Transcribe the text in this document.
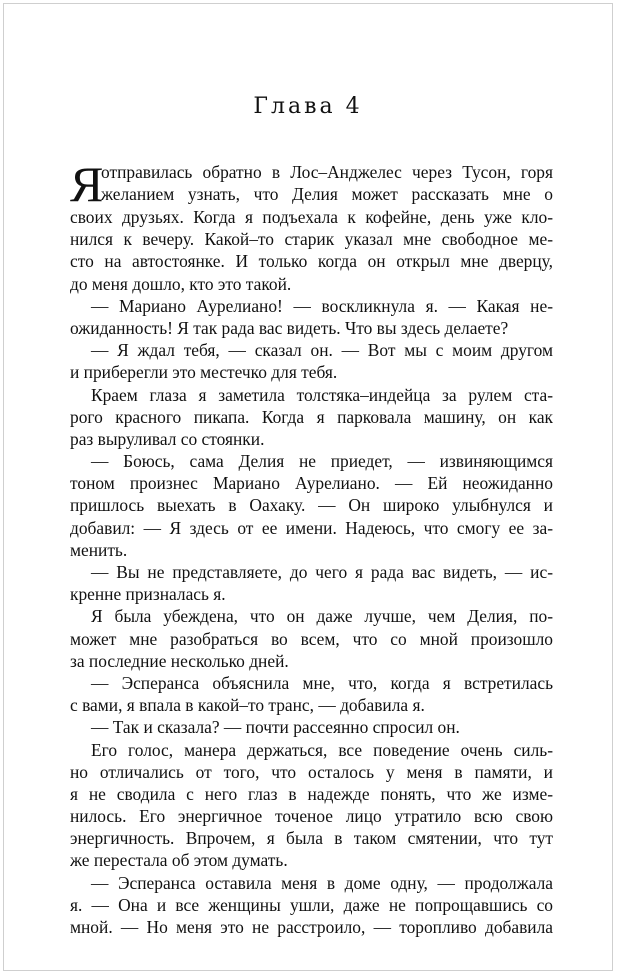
Глава 4
Я
отправилась обратно в Лос–Анджелес через Тусон, горя
желанием узнать, что Делия может рассказать мне о
своих друзьях. Когда я подъехала к кофейне, день уже кло-
нился к вечеру. Какой–то старик указал мне свободное ме-
сто на автостоянке. И только когда он открыл мне дверцу,
до меня дошло, кто это такой.
— Мариано Аурелиано! — воскликнула я. — Какая не-
ожиданность! Я так рада вас видеть. Что вы здесь делаете?
— Я ждал тебя, — сказал он. — Вот мы с моим другом
и приберегли это местечко для тебя.
Краем глаза я заметила толстяка–индейца за рулем ста-
рого красного пикапа. Когда я парковала машину, он как
раз выруливал со стоянки.
— Боюсь, сама Делия не приедет, — извиняющимся
тоном произнес Мариано Аурелиано. — Ей неожиданно
пришлось выехать в Оахаку. — Он широко улыбнулся и
добавил: — Я здесь от ее имени. Надеюсь, что смогу ее за-
менить.
— Вы не представляете, до чего я рада вас видеть, — ис-
кренне призналась я.
Я была убеждена, что он даже лучше, чем Делия, по-
может мне разобраться во всем, что со мной произошло
за последние несколько дней.
— Эсперанса объяснила мне, что, когда я встретилась
с вами, я впала в какой–то транс, — добавила я.
— Так и сказала? — почти рассеянно спросил он.
Его голос, манера держаться, все поведение очень силь-
но отличались от того, что осталось у меня в памяти, и
я не сводила с него глаз в надежде понять, что же изме-
нилось. Его энергичное точеное лицо утратило всю свою
энергичность. Впрочем, я была в таком смятении, что тут
же перестала об этом думать.
— Эсперанса оставила меня в доме одну, — продолжала
я. — Она и все женщины ушли, даже не попрощавшись со
мной. — Но меня это не расстроило, — торопливо добавила
